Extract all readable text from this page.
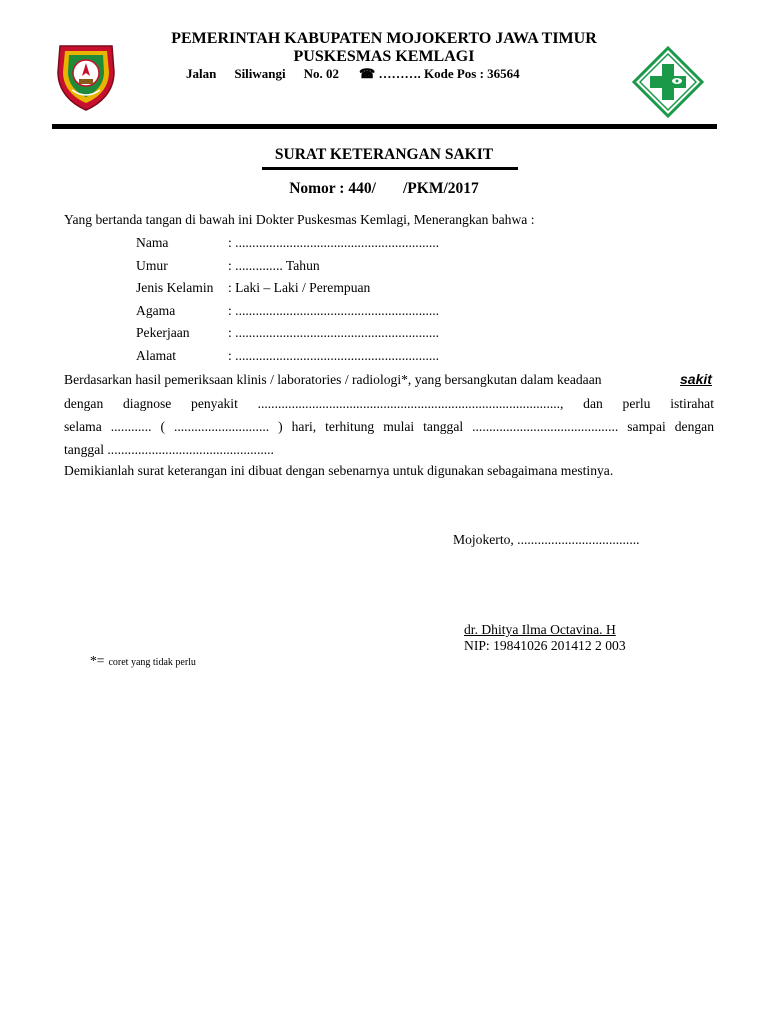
PEMERINTAH KABUPATEN MOJOKERTO JAWA TIMUR
PUSKESMAS KEMLAGI
Jalan Siliwangi No. 02 ☎ ………. Kode Pos : 36564
SURAT KETERANGAN SAKIT
Nomor : 440/       /PKM/2017
Yang bertanda tangan di bawah ini Dokter Puskesmas Kemlagi, Menerangkan bahwa :
Nama	: ............................................................
Umur	: .............. Tahun
Jenis Kelamin : Laki – Laki / Perempuan
Agama	: ............................................................
Pekerjaan	: ............................................................
Alamat	: ............................................................
Berdasarkan hasil pemeriksaan klinis / laboratories / radiologi*, yang bersangkutan dalam keadaan	sakit
dengan diagnose penyakit ........................................................................................., dan perlu istirahat
selama ............ ( ............................ ) hari, terhitung mulai tanggal ........................................... sampai dengan
tanggal .................................................
Demikianlah surat keterangan ini dibuat dengan sebenarnya untuk digunakan sebagaimana mestinya.
Mojokerto, ....................................
dr. Dhitya Ilma Octavina. H
NIP: 19841026 201412 2 003
*= coret yang tidak perlu
